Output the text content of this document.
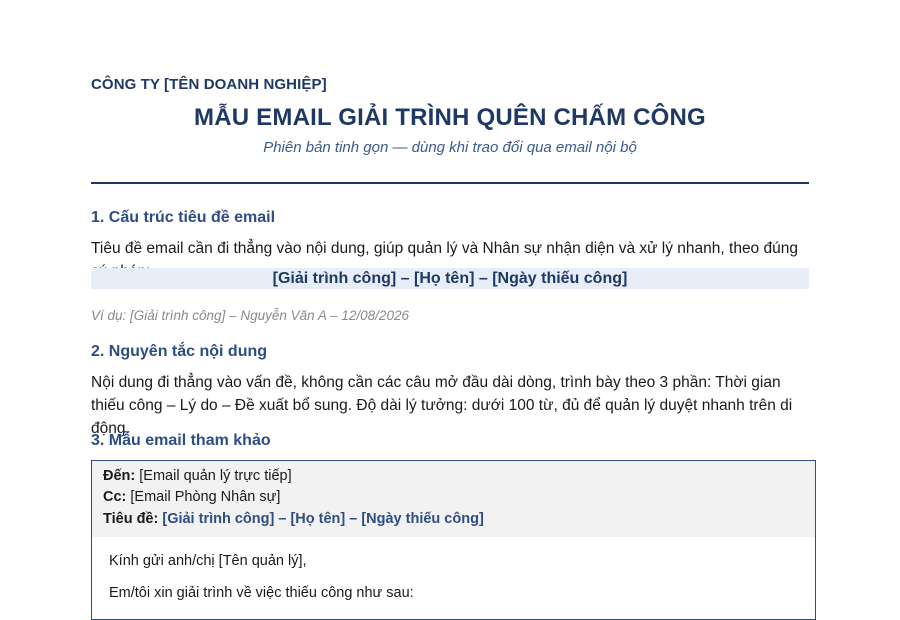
CÔNG TY [TÊN DOANH NGHIỆP]
MẪU EMAIL GIẢI TRÌNH QUÊN CHẤM CÔNG
Phiên bản tinh gọn — dùng khi trao đổi qua email nội bộ
1. Cấu trúc tiêu đề email
Tiêu đề email cần đi thẳng vào nội dung, giúp quản lý và Nhân sự nhận diện và xử lý nhanh, theo đúng
[Giải trình công] – [Họ tên] – [Ngày thiếu công]
Ví dụ: [Giải trình công] – Nguyễn Văn A – 12/08/2026
2. Nguyên tắc nội dung
Nội dung đi thẳng vào vấn đề, không cần các câu mở đầu dài dòng, trình bày theo 3 phần: Thời gian thiếu công – Lý do – Đề xuất bổ sung. Độ dài lý tưởng: dưới 100 từ, đủ để quản lý duyệt nhanh trên di động.
3. Mẫu email tham khảo
Đến: [Email quản lý trực tiếp]
Cc: [Email Phòng Nhân sự]
Tiêu đề: [Giải trình công] – [Họ tên] – [Ngày thiếu công]
Kính gửi anh/chị [Tên quản lý],
Em/tôi xin giải trình về việc thiếu công như sau:
